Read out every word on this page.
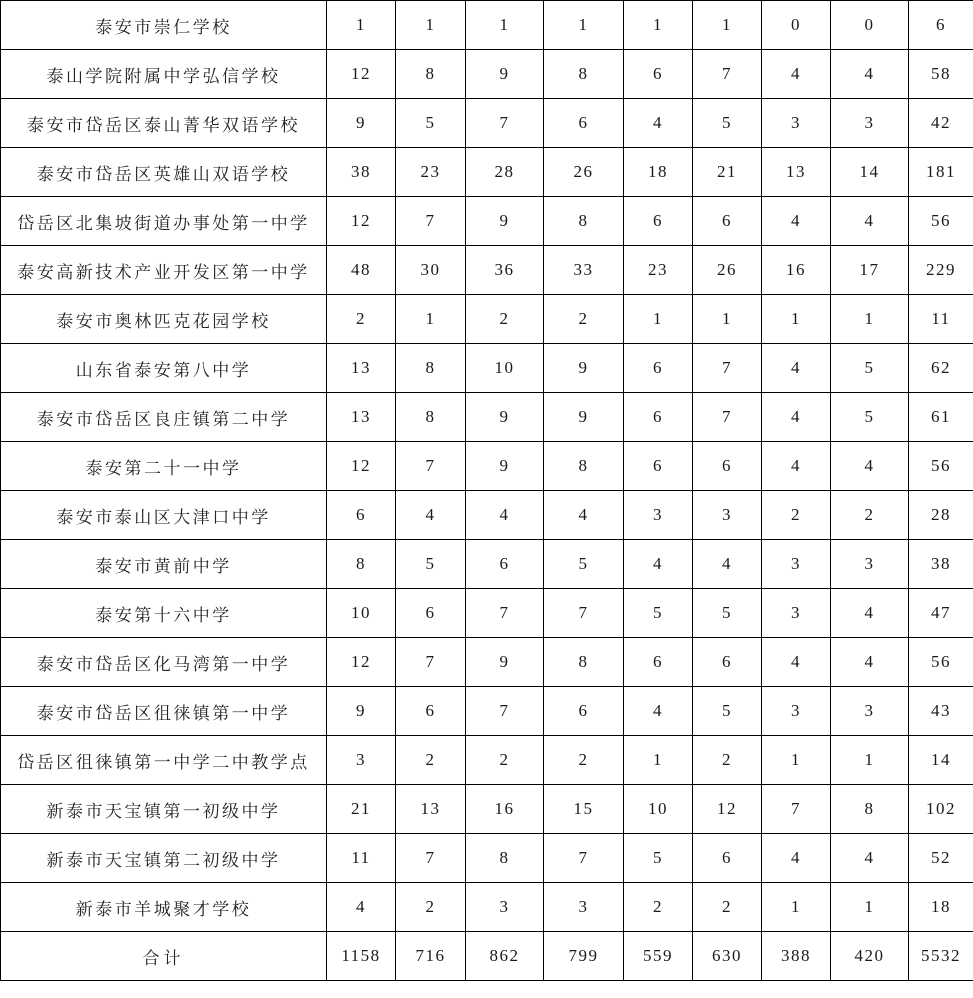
泰安市崇仁学校	1	1	1	1	1	1	0	0	6
泰山学院附属中学弘信学校	12	8	9	8	6	7	4	4	58
泰安市岱岳区泰山菁华双语学校	9	5	7	6	4	5	3	3	42
泰安市岱岳区英雄山双语学校	38	23	28	26	18	21	13	14	181
岱岳区北集坡街道办事处第一中学	12	7	9	8	6	6	4	4	56
泰安高新技术产业开发区第一中学	48	30	36	33	23	26	16	17	229
泰安市奥林匹克花园学校	2	1	2	2	1	1	1	1	11
山东省泰安第八中学	13	8	10	9	6	7	4	5	62
泰安市岱岳区良庄镇第二中学	13	8	9	9	6	7	4	5	61
泰安第二十一中学	12	7	9	8	6	6	4	4	56
泰安市泰山区大津口中学	6	4	4	4	3	3	2	2	28
泰安市黄前中学	8	5	6	5	4	4	3	3	38
泰安第十六中学	10	6	7	7	5	5	3	4	47
泰安市岱岳区化马湾第一中学	12	7	9	8	6	6	4	4	56
泰安市岱岳区徂徕镇第一中学	9	6	7	6	4	5	3	3	43
岱岳区徂徕镇第一中学二中教学点	3	2	2	2	1	2	1	1	14
新泰市天宝镇第一初级中学	21	13	16	15	10	12	7	8	102
新泰市天宝镇第二初级中学	11	7	8	7	5	6	4	4	52
新泰市羊城聚才学校	4	2	3	3	2	2	1	1	18
合计	1158	716	862	799	559	630	388	420	5532
